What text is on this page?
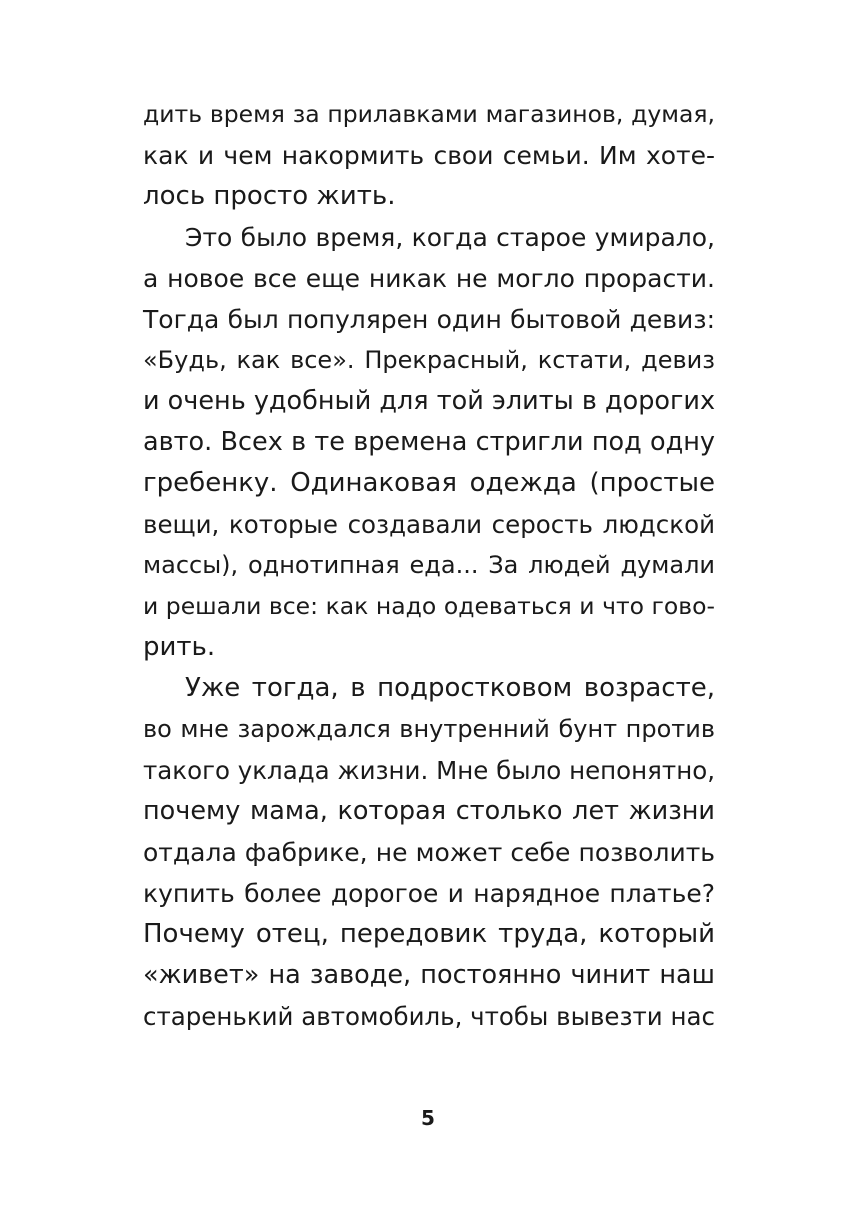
дить время за прилавками магазинов, думая,
как и чем накормить свои семьи. Им хоте-
лось просто жить.
Это было время, когда старое умирало,
а новое все еще никак не могло прорасти.
Тогда был популярен один бытовой девиз:
«Будь, как все». Прекрасный, кстати, девиз
и очень удобный для той элиты в дорогих
авто. Всех в те времена стригли под одну
гребенку. Одинаковая одежда (простые
вещи, которые создавали серость людской
массы), однотипная еда... За людей думали
и решали все: как надо одеваться и что гово-
рить.
Уже тогда, в подростковом возрасте,
во мне зарождался внутренний бунт против
такого уклада жизни. Мне было непонятно,
почему мама, которая столько лет жизни
отдала фабрике, не может себе позволить
купить более дорогое и нарядное платье?
Почему отец, передовик труда, который
«живет» на заводе, постоянно чинит наш
старенький автомобиль, чтобы вывезти нас
5
